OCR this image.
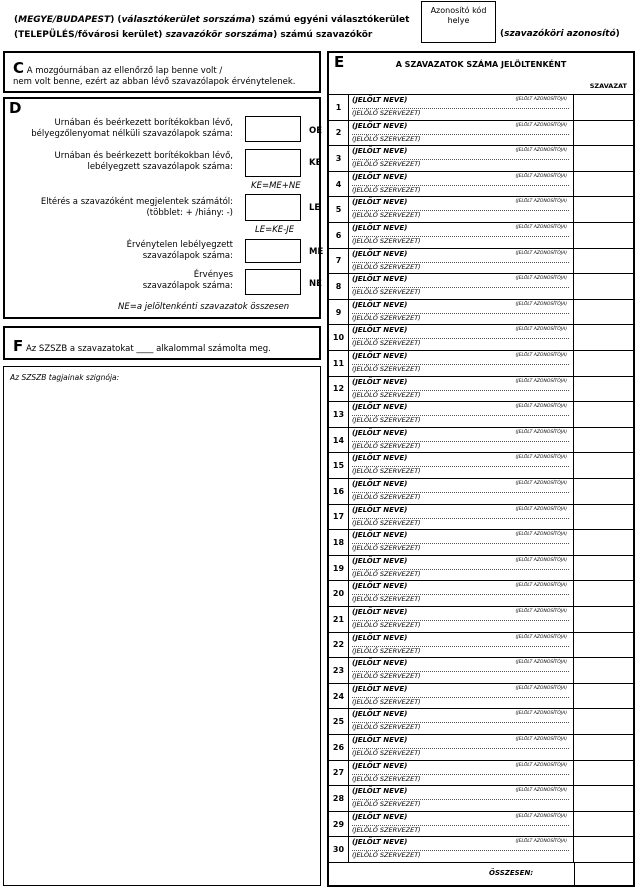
(MEGYE/BUDAPEST) (választókerület sorszáma) számú egyéni választókerület
(TELEPÜLÉS/fővárosi kerület) szavazókör sorszáma) számú szavazókör
Azonosító kód helye
(szavazóköri azonosító)
C A mozgóurnában az ellenőrző lap benne volt /
nem volt benne, ezért az abban lévő szavazólapok érvénytelenek.
D
Urnában és beérkezett borítékokban lévő,
bélyegzőlenyomat nélküli szavazólapok száma:	OE
Urnában és beérkezett borítékokban lévő,
lebélyegzett szavazólapok száma:	KE
KE=ME+NE
Eltérés a szavazóként megjelentek számától:
(többlet: + /hiány: -)	LE
LE=KE-JE
Érvénytelen lebélyegzett
szavazólapok száma:	ME
Érvényes
szavazólapok száma:	NE
NE=a jelöltenkénti szavazatok összesen
F Az SZSZB a szavazatokat ____ alkalommal számolta meg.
Az SZSZB tagjainak szignója:
E	A SZAVAZATOK SZÁMA JELÖLTENKÉNT
SZAVAZAT
1
(JELÖLT NEVE)	(JELÖLT AZONOSÍTÓJA)
(JELÖLŐ SZERVEZET)
2
(JELÖLT NEVE)	(JELÖLT AZONOSÍTÓJA)
(JELÖLŐ SZERVEZET)
3
(JELÖLT NEVE)	(JELÖLT AZONOSÍTÓJA)
(JELÖLŐ SZERVEZET)
4
(JELÖLT NEVE)	(JELÖLT AZONOSÍTÓJA)
(JELÖLŐ SZERVEZET)
5
(JELÖLT NEVE)	(JELÖLT AZONOSÍTÓJA)
(JELÖLŐ SZERVEZET)
6
(JELÖLT NEVE)	(JELÖLT AZONOSÍTÓJA)
(JELÖLŐ SZERVEZET)
7
(JELÖLT NEVE)	(JELÖLT AZONOSÍTÓJA)
(JELÖLŐ SZERVEZET)
8
(JELÖLT NEVE)	(JELÖLT AZONOSÍTÓJA)
(JELÖLŐ SZERVEZET)
9
(JELÖLT NEVE)	(JELÖLT AZONOSÍTÓJA)
(JELÖLŐ SZERVEZET)
10
(JELÖLT NEVE)	(JELÖLT AZONOSÍTÓJA)
(JELÖLŐ SZERVEZET)
11
(JELÖLT NEVE)	(JELÖLT AZONOSÍTÓJA)
(JELÖLŐ SZERVEZET)
12
(JELÖLT NEVE)	(JELÖLT AZONOSÍTÓJA)
(JELÖLŐ SZERVEZET)
13
(JELÖLT NEVE)	(JELÖLT AZONOSÍTÓJA)
(JELÖLŐ SZERVEZET)
14
(JELÖLT NEVE)	(JELÖLT AZONOSÍTÓJA)
(JELÖLŐ SZERVEZET)
15
(JELÖLT NEVE)	(JELÖLT AZONOSÍTÓJA)
(JELÖLŐ SZERVEZET)
16
(JELÖLT NEVE)	(JELÖLT AZONOSÍTÓJA)
(JELÖLŐ SZERVEZET)
17
(JELÖLT NEVE)	(JELÖLT AZONOSÍTÓJA)
(JELÖLŐ SZERVEZET)
18
(JELÖLT NEVE)	(JELÖLT AZONOSÍTÓJA)
(JELÖLŐ SZERVEZET)
19
(JELÖLT NEVE)	(JELÖLT AZONOSÍTÓJA)
(JELÖLŐ SZERVEZET)
20
(JELÖLT NEVE)	(JELÖLT AZONOSÍTÓJA)
(JELÖLŐ SZERVEZET)
21
(JELÖLT NEVE)	(JELÖLT AZONOSÍTÓJA)
(JELÖLŐ SZERVEZET)
22
(JELÖLT NEVE)	(JELÖLT AZONOSÍTÓJA)
(JELÖLŐ SZERVEZET)
23
(JELÖLT NEVE)	(JELÖLT AZONOSÍTÓJA)
(JELÖLŐ SZERVEZET)
24
(JELÖLT NEVE)	(JELÖLT AZONOSÍTÓJA)
(JELÖLŐ SZERVEZET)
25
(JELÖLT NEVE)	(JELÖLT AZONOSÍTÓJA)
(JELÖLŐ SZERVEZET)
26
(JELÖLT NEVE)	(JELÖLT AZONOSÍTÓJA)
(JELÖLŐ SZERVEZET)
27
(JELÖLT NEVE)	(JELÖLT AZONOSÍTÓJA)
(JELÖLŐ SZERVEZET)
28
(JELÖLT NEVE)	(JELÖLT AZONOSÍTÓJA)
(JELÖLŐ SZERVEZET)
29
(JELÖLT NEVE)	(JELÖLT AZONOSÍTÓJA)
(JELÖLŐ SZERVEZET)
30
(JELÖLT NEVE)	(JELÖLT AZONOSÍTÓJA)
(JELÖLŐ SZERVEZET)
ÖSSZESEN:
